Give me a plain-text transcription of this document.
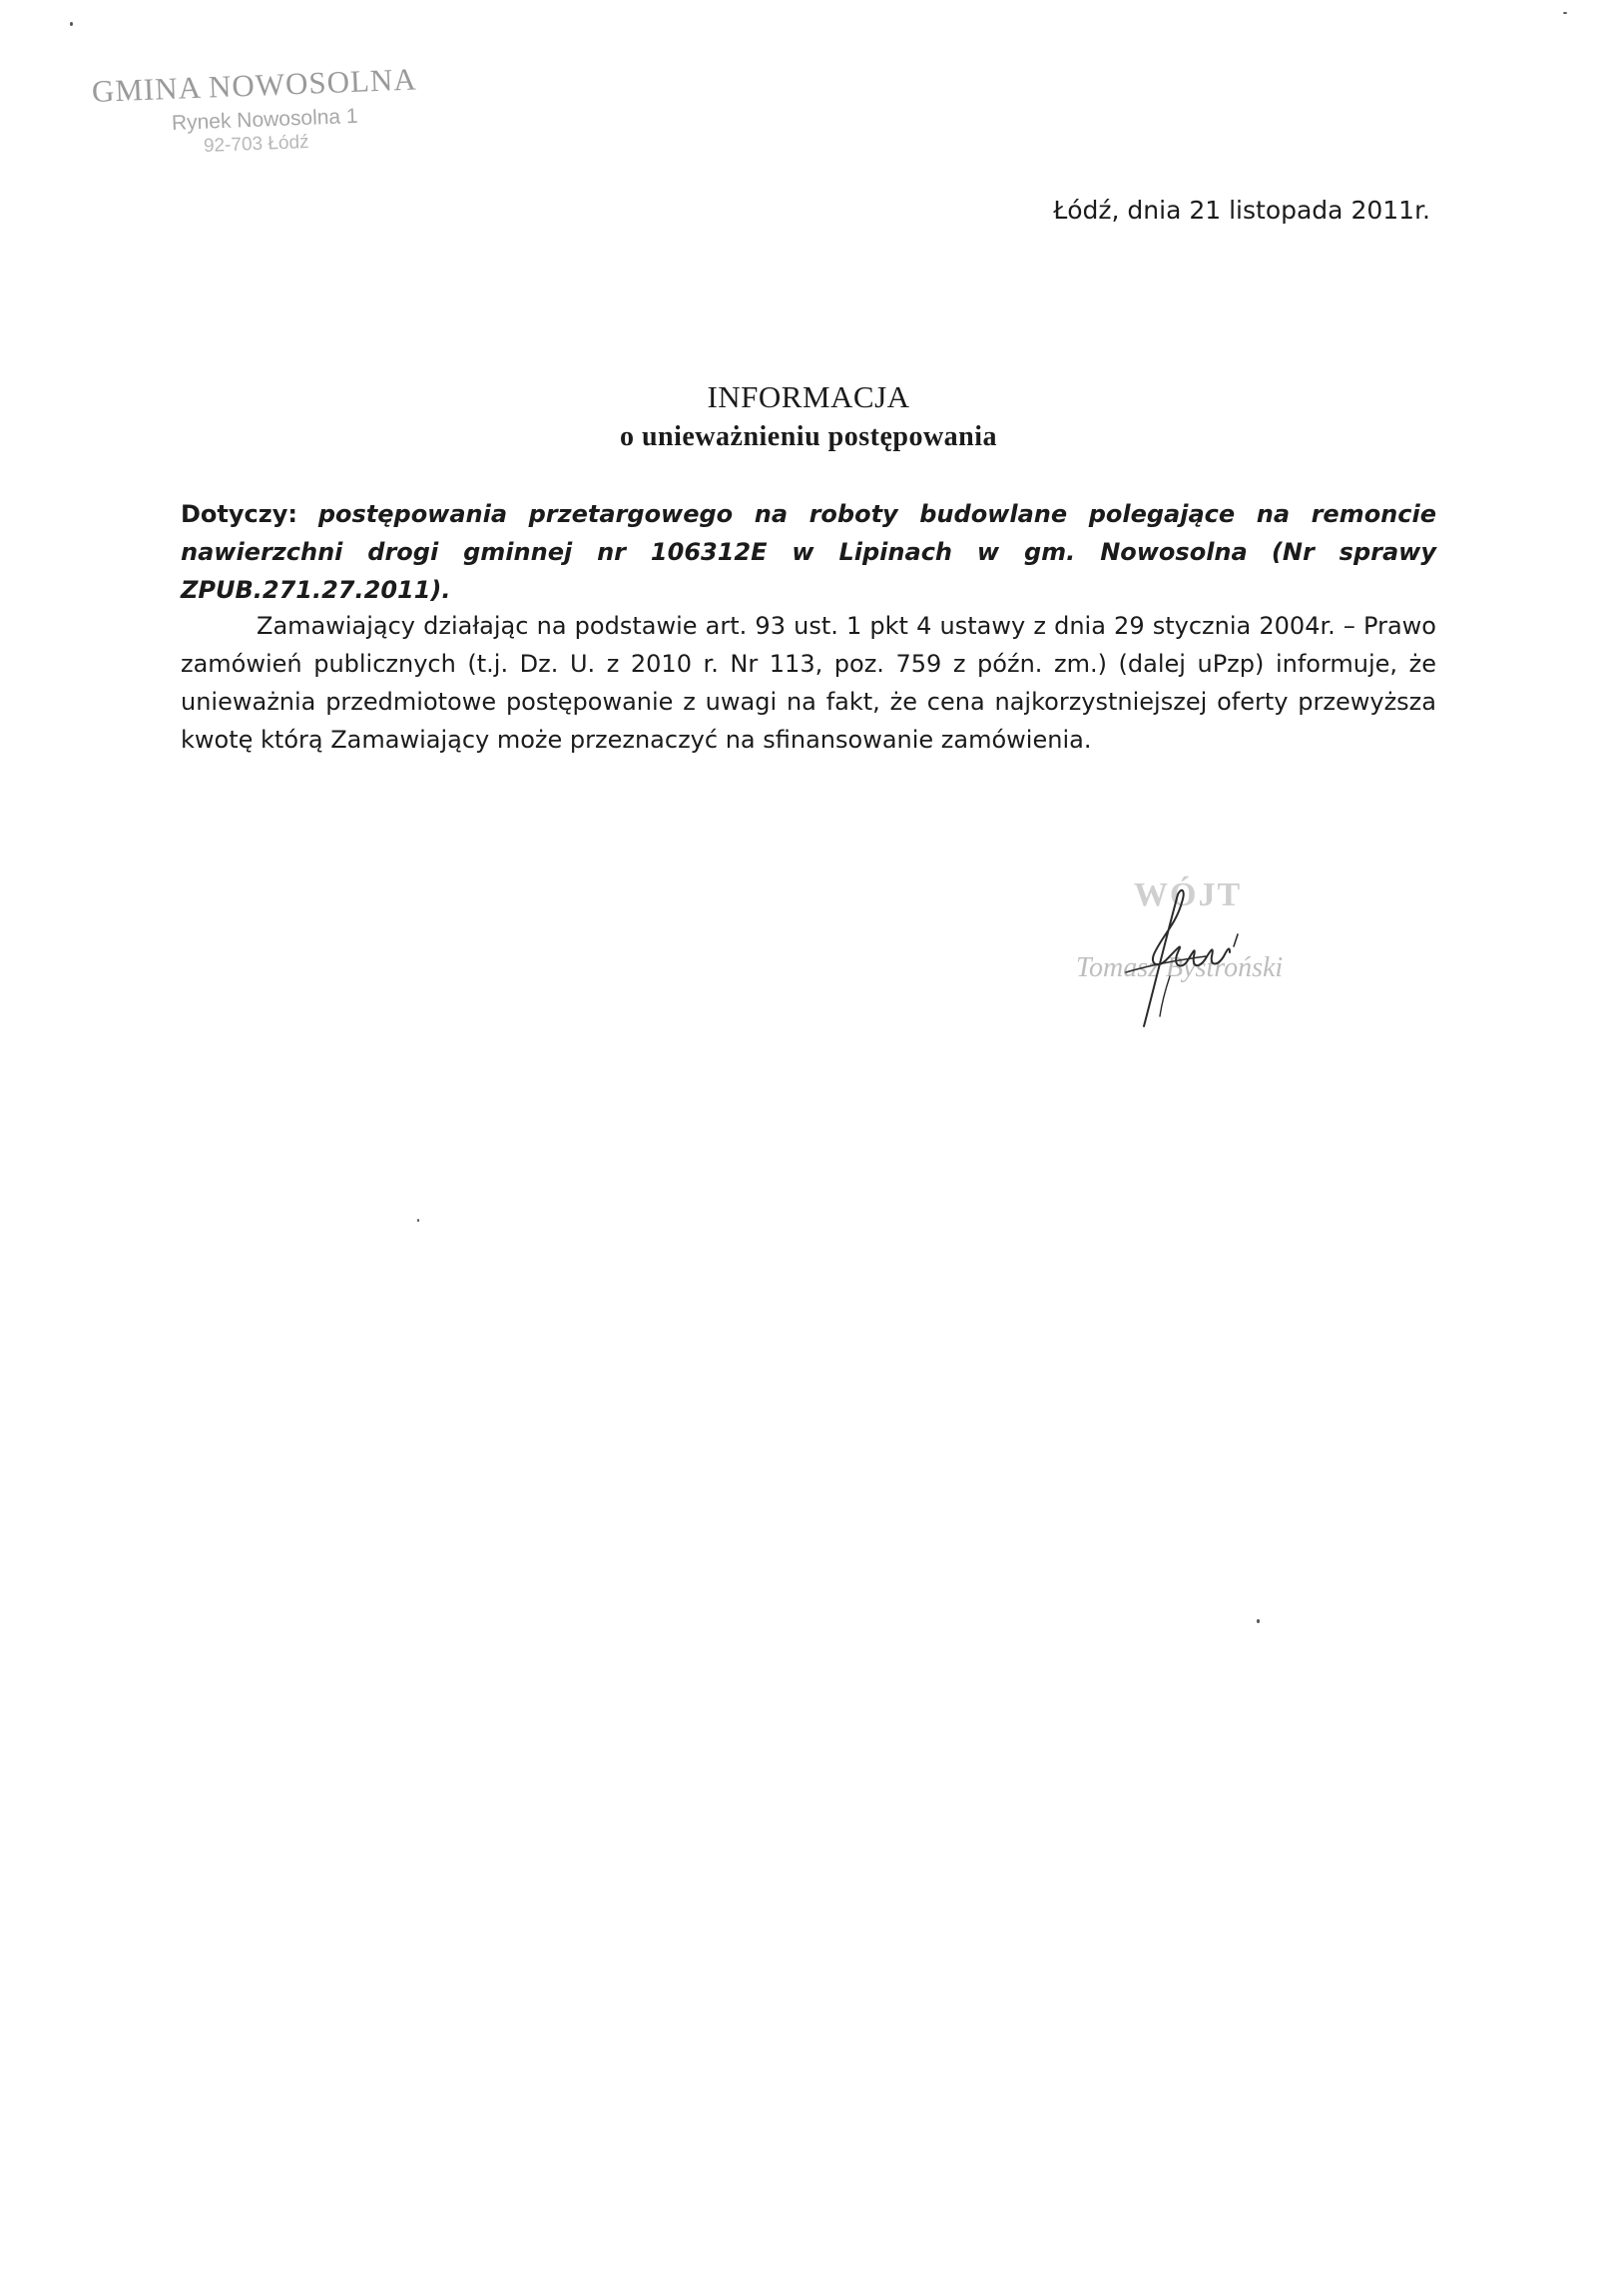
GMINA NOWOSOLNA
Rynek Nowosolna 1
92-703 Łódź
Łódź, dnia 21 listopada 2011r.
INFORMACJA
o unieważnieniu postępowania
Dotyczy: postępowania przetargowego na roboty budowlane polegające na remoncie nawierzchni drogi gminnej nr 106312E w Lipinach w gm. Nowosolna (Nr sprawy ZPUB.271.27.2011).
Zamawiający działając na podstawie art. 93 ust. 1 pkt 4 ustawy z dnia 29 stycznia 2004r. – Prawo zamówień publicznych (t.j. Dz. U. z 2010 r. Nr 113, poz. 759 z późn. zm.) (dalej uPzp) informuje, że unieważnia przedmiotowe postępowanie z uwagi na fakt, że cena najkorzystniejszej oferty przewyższa kwotę którą Zamawiający może przeznaczyć na sfinansowanie zamówienia.
WÓJT
Tomasz Bystroński
